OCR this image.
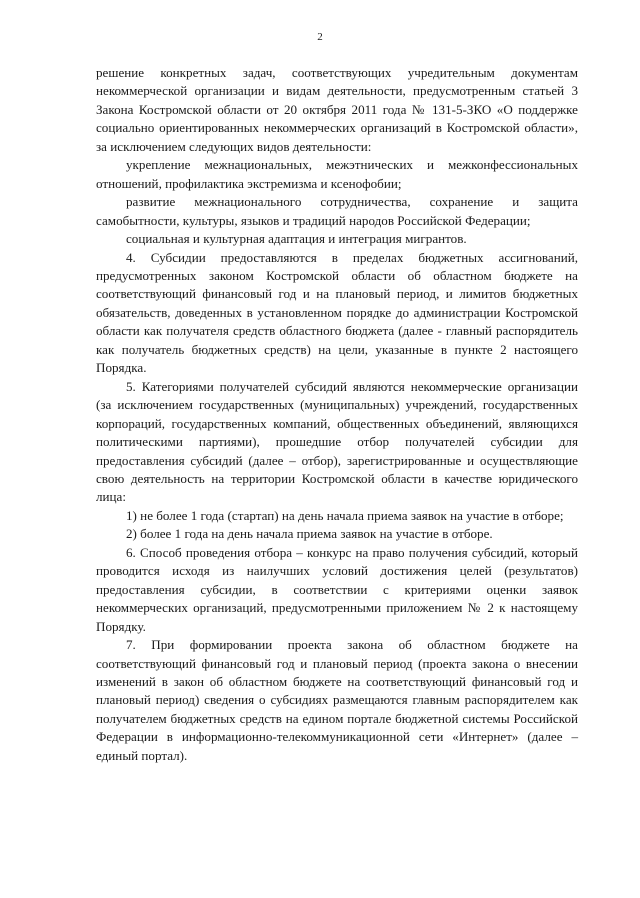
2

решение конкретных задач, соответствующих учредительным документам некоммерческой организации и видам деятельности, предусмотренным статьей 3 Закона Костромской области от 20 октября 2011 года № 131-5-ЗКО «О поддержке социально ориентированных некоммерческих организаций в Костромской области», за исключением следующих видов деятельности:

укрепление межнациональных, межэтнических и межконфессиональных отношений, профилактика экстремизма и ксенофобии;

развитие межнационального сотрудничества, сохранение и защита самобытности, культуры, языков и традиций народов Российской Федерации;

социальная и культурная адаптация и интеграция мигрантов.

4. Субсидии предоставляются в пределах бюджетных ассигнований, предусмотренных законом Костромской области об областном бюджете на соответствующий финансовый год и на плановый период, и лимитов бюджетных обязательств, доведенных в установленном порядке до администрации Костромской области как получателя средств областного бюджета (далее - главный распорядитель как получатель бюджетных средств) на цели, указанные в пункте 2 настоящего Порядка.

5. Категориями получателей субсидий являются некоммерческие организации (за исключением государственных (муниципальных) учреждений, государственных корпораций, государственных компаний, общественных объединений, являющихся политическими партиями), прошедшие отбор получателей субсидии для предоставления субсидий (далее – отбор), зарегистрированные и осуществляющие свою деятельность на территории Костромской области в качестве юридического лица:

1) не более 1 года (стартап) на день начала приема заявок на участие в отборе;

2) более 1 года на день начала приема заявок на участие в отборе.

6. Способ проведения отбора – конкурс на право получения субсидий, который проводится исходя из наилучших условий достижения целей (результатов) предоставления субсидии, в соответствии с критериями оценки заявок некоммерческих организаций, предусмотренными приложением № 2 к настоящему Порядку.

7. При формировании проекта закона об областном бюджете на соответствующий финансовый год и плановый период (проекта закона о внесении изменений в закон об областном бюджете на соответствующий финансовый год и плановый период) сведения о субсидиях размещаются главным распорядителем как получателем бюджетных средств на едином портале бюджетной системы Российской Федерации в информационно-телекоммуникационной сети «Интернет» (далее – единый портал).
